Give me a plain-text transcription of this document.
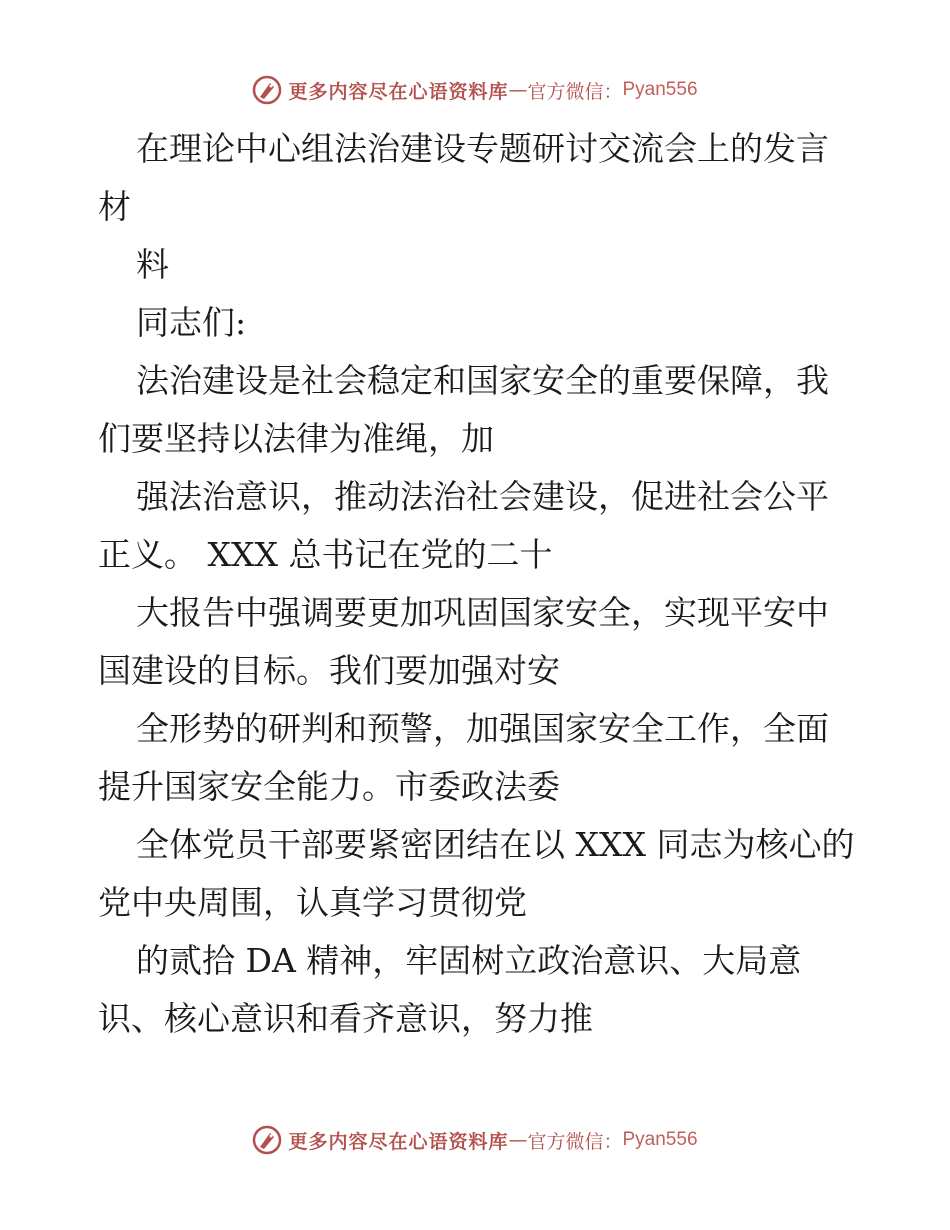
更多内容尽在心语资料库 — 官方微信： Pyan556

在理论中心组法治建设专题研讨交流会上的发言材

料

同志们:

法治建设是社会稳定和国家安全的重要保障，我们要坚持以法律为准绳，加

强法治意识，推动法治社会建设，促进社会公平正义。 XXX 总书记在党的二十

大报告中强调要更加巩固国家安全，实现平安中国建设的目标。我们要加强对安

全形势的研判和预警，加强国家安全工作，全面提升国家安全能力。市委政法委

全体党员干部要紧密团结在以 XXX 同志为核心的党中央周围，认真学习贯彻党

的贰拾 DA 精神，牢固树立政治意识、大局意识、核心意识和看齐意识，努力推

更多内容尽在心语资料库 — 官方微信： Pyan556
